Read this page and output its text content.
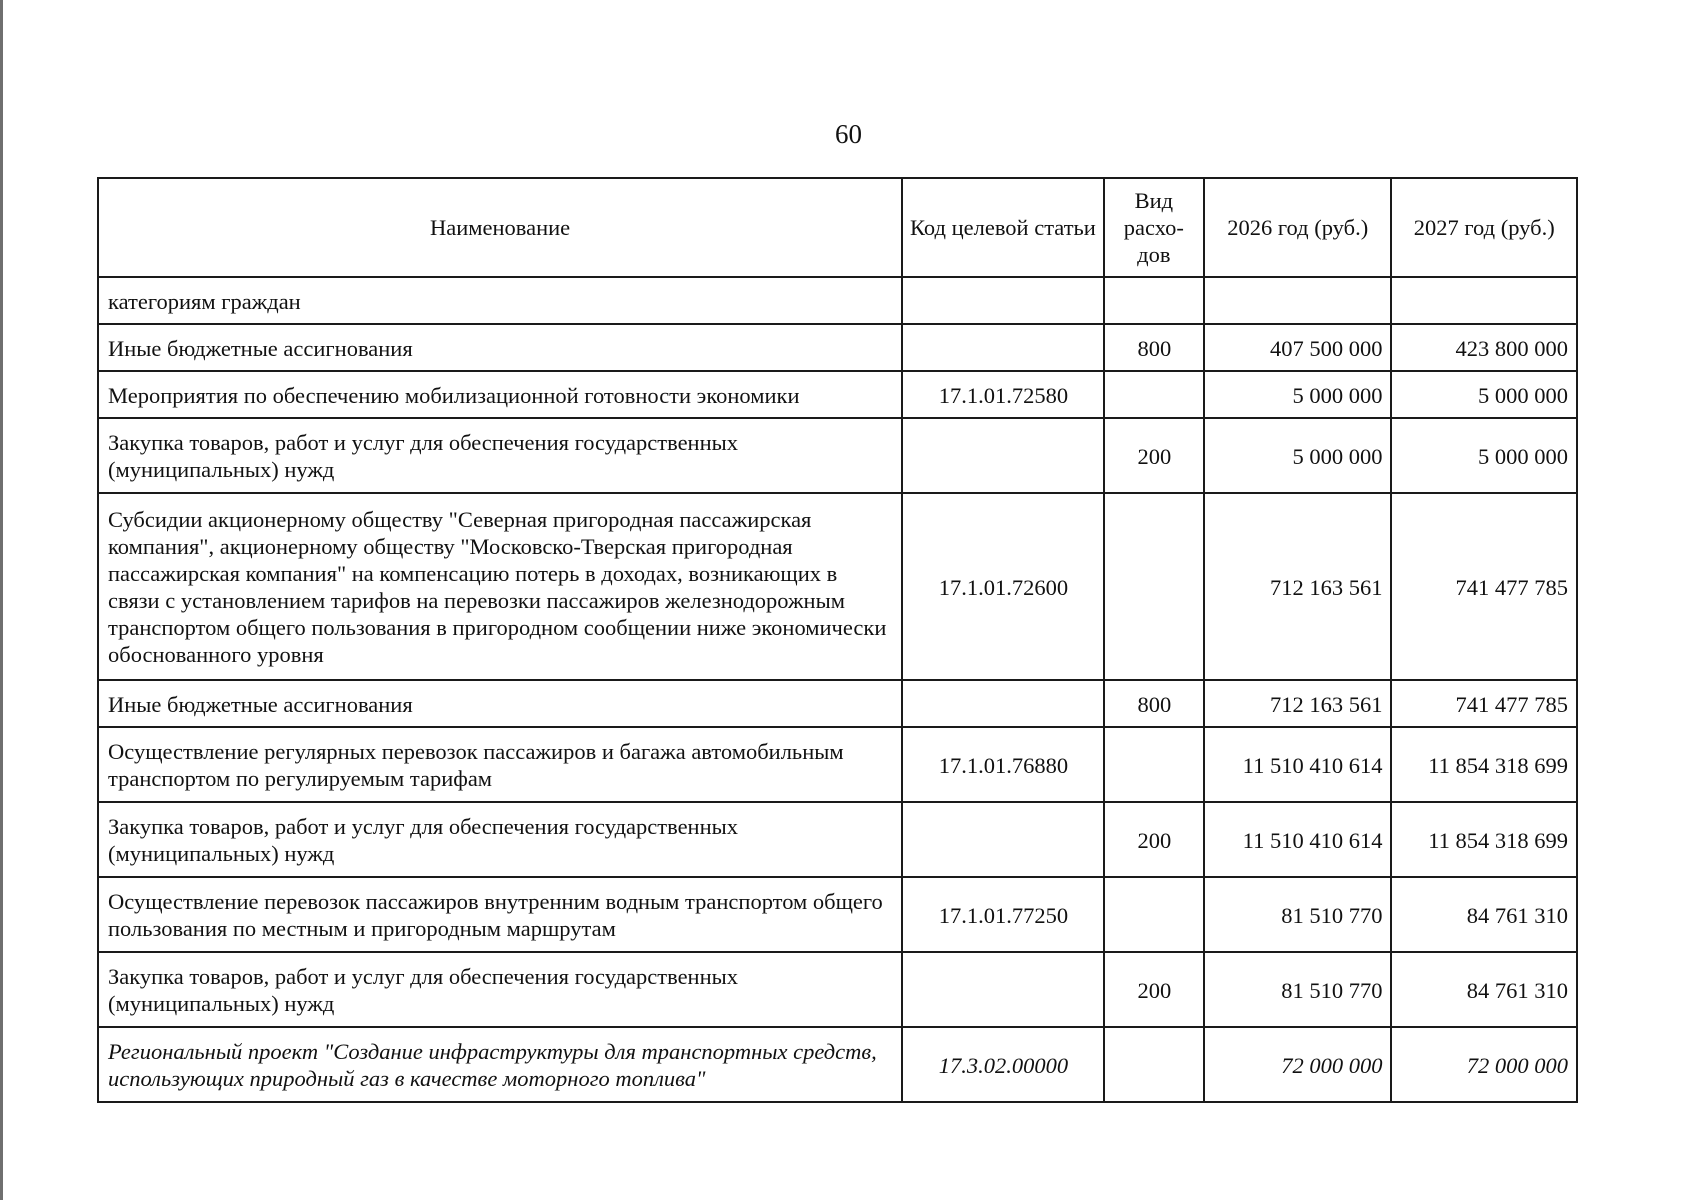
60
Наименование	Код целевой статьи	Вид расхо-дов	2026 год (руб.)	2027 год (руб.)
категориям граждан				
Иные бюджетные ассигнования		800	407 500 000	423 800 000
Мероприятия по обеспечению мобилизационной готовности экономики	17.1.01.72580		5 000 000	5 000 000
Закупка товаров, работ и услуг для обеспечения государственных (муниципальных) нужд		200	5 000 000	5 000 000
Субсидии акционерному обществу "Северная пригородная пассажирская компания", акционерному обществу "Московско-Тверская пригородная пассажирская компания" на компенсацию потерь в доходах, возникающих в связи с установлением тарифов на перевозки пассажиров железнодорожным транспортом общего пользования в пригородном сообщении ниже экономически обоснованного уровня	17.1.01.72600		712 163 561	741 477 785
Иные бюджетные ассигнования		800	712 163 561	741 477 785
Осуществление регулярных перевозок пассажиров и багажа автомобильным транспортом по регулируемым тарифам	17.1.01.76880		11 510 410 614	11 854 318 699
Закупка товаров, работ и услуг для обеспечения государственных (муниципальных) нужд		200	11 510 410 614	11 854 318 699
Осуществление перевозок пассажиров внутренним водным транспортом общего пользования по местным и пригородным маршрутам	17.1.01.77250		81 510 770	84 761 310
Закупка товаров, работ и услуг для обеспечения государственных (муниципальных) нужд		200	81 510 770	84 761 310
Региональный проект "Создание инфраструктуры для транспортных средств, использующих природный газ в качестве моторного топлива"	17.3.02.00000		72 000 000	72 000 000
